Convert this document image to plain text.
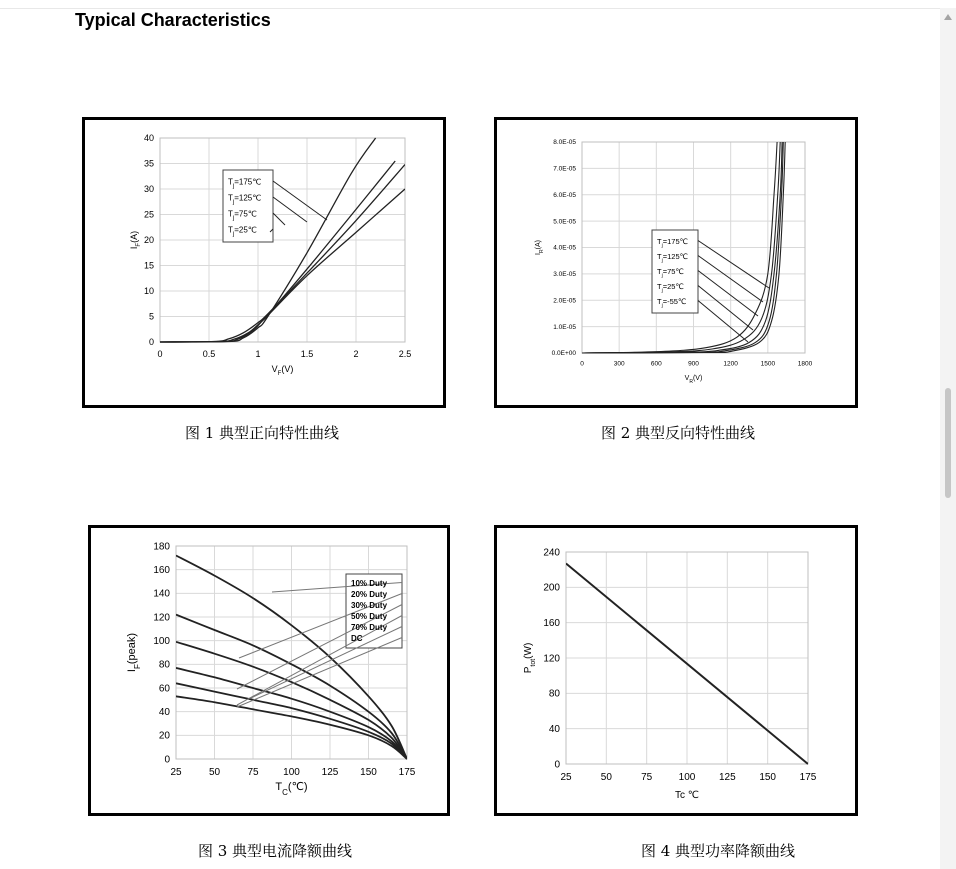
Typical Characteristics
0
5
10
15
20
25
30
35
40
0	0.5	1	1.5	2	2.5
$V_F(V)$
$I_F(A)$
$T_j=175℃$
$T_j=125℃$
$T_j=75℃$
$T_j=25℃$
图 1 典型正向特性曲线
0.0E+00
1.0E-05
2.0E-05
3.0E-05
4.0E-05
5.0E-05
6.0E-05
7.0E-05
8.0E-05
0	300	600	900	1200	1500	1800
$V_R(V)$
$I_R(A)$	$T_j=175℃$
$T_j=125℃$
$T_j=75℃$
$T_j=25℃$
$T_j=-55℃$
图 2 典型反向特性曲线
0
20
40
60
80
100
120
140
160
180
25	50	75 100 125 150 175
$T_C(℃)$
$I_F(peak)$
10% Duty
20% Duty
30% Duty
50% Duty
70% Duty
DC
图 3 典型电流降额曲线
0
40
80
120
160
200
240
25	50	75	100 125 150 175
Tc ℃
$P_{tot}(W)$
图 4 典型功率降额曲线
